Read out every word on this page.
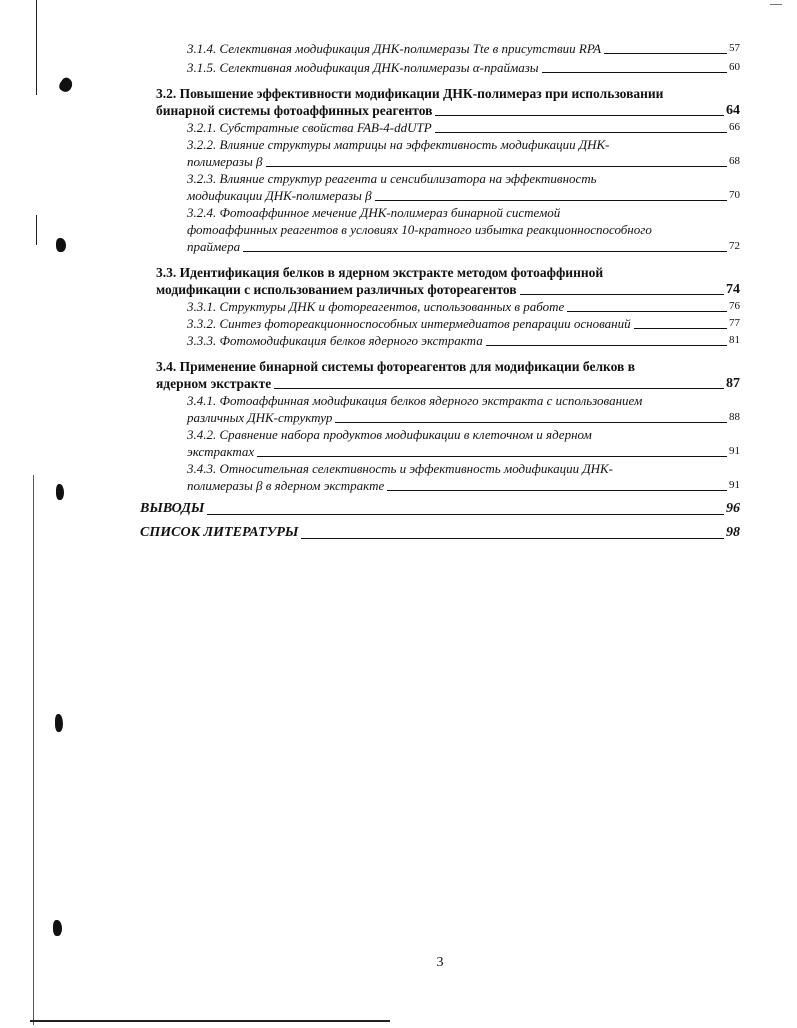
3.1.4. Селективная модификация ДНК-полимеразы Tte в присутствии RPA	57
3.1.5. Селективная модификация ДНК-полимеразы α-праймазы	60
3.2. Повышение эффективности модификации ДНК-полимераз при использовании
бинарной системы фотоаффинных реагентов	64
3.2.1. Субстратные свойства FAB-4-ddUTP	66
3.2.2. Влияние структуры матрицы на эффективность модификации ДНК-
полимеразы β	68
3.2.3. Влияние структур реагента и сенсибилизатора на эффективность
модификации ДНК-полимеразы β	70
3.2.4. Фотоаффинное мечение ДНК-полимераз бинарной системой
фотоаффинных реагентов в условиях 10-кратного избытка реакционноспособного
праймера	72
3.3. Идентификация белков в ядерном экстракте методом фотоаффинной
модификации с использованием различных фотореагентов	74
3.3.1. Структуры ДНК и фотореагентов, использованных в работе	76
3.3.2. Синтез фотореакционноспособных интермедиатов репарации оснований	77
3.3.3. Фотомодификация белков ядерного экстракта	81
3.4. Применение бинарной системы фотореагентов для модификации белков в
ядерном экстракте	87
3.4.1. Фотоаффинная модификация белков ядерного экстракта с использованием
различных ДНК-структур	88
3.4.2. Сравнение набора продуктов модификации в клеточном и ядерном
экстрактах	91
3.4.3. Относительная селективность и эффективность модификации ДНК-
полимеразы β в ядерном экстракте	91
ВЫВОДЫ	96
СПИСОК ЛИТЕРАТУРЫ	98
3
